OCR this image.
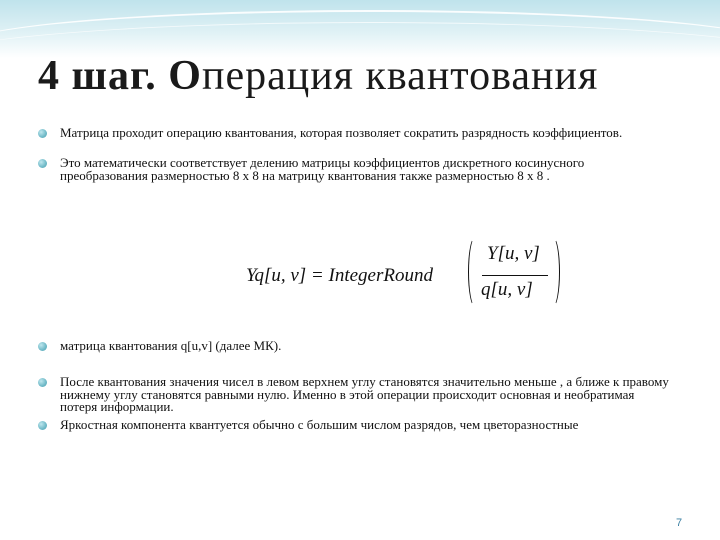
4 шаг. Операция квантования
Матрица проходит операцию квантования, которая позволяет сократить разрядность коэффициентов.
Это математически соответствует делению матрицы коэффициентов дискретного косинусного преобразования размерностью 8 х 8 на матрицу квантования также размерностью 8 х 8 .
матрица квантования q[u,v] (далее МК).
После квантования значения чисел в левом верхнем углу становятся значительно меньше , а ближе к правому нижнему углу становятся равными нулю. Именно в этой операции происходит основная и необратимая потеря информации.
Яркостная компонента квантуется обычно с большим числом разрядов, чем цветоразностные
Yq[u, v] = IntegerRound
Y[u, v]
q[u, v]
7
